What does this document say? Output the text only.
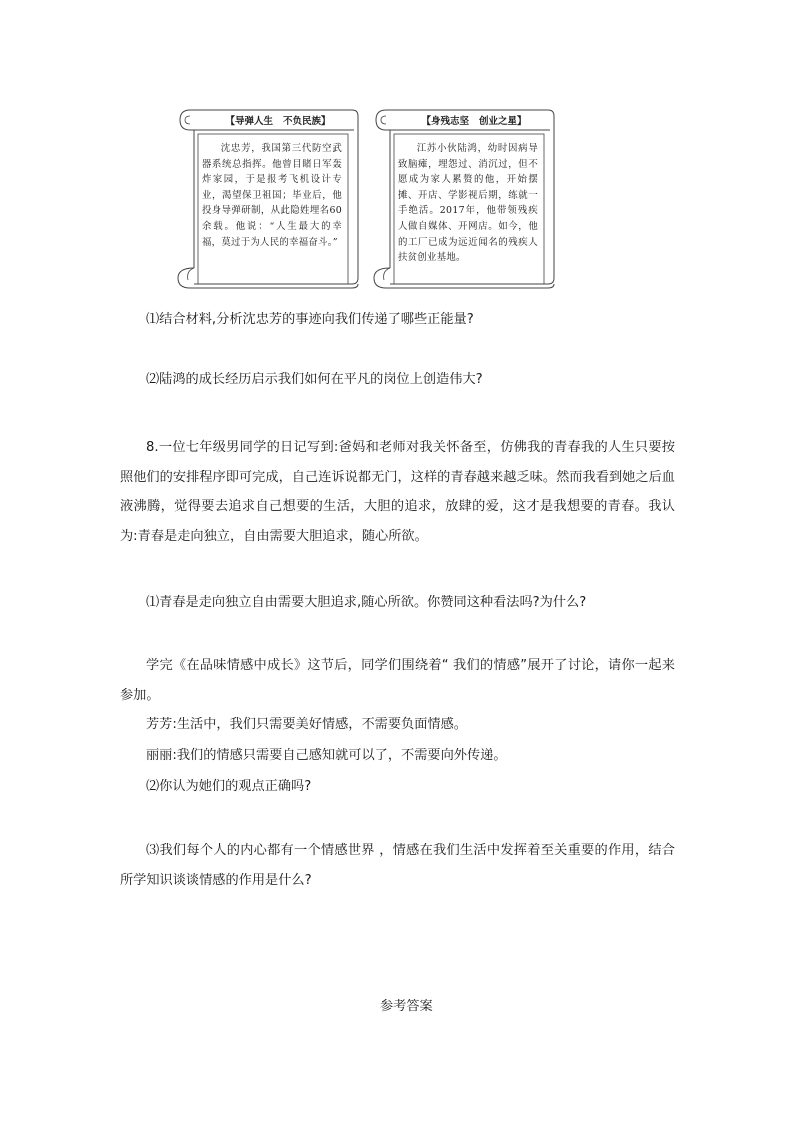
【导弹人生   不负民族】
沈忠芳，我国第三代防空武器系统总指挥。他曾目睹日军轰炸家园，于是报考飞机设计专业，渴望保卫祖国；毕业后，他投身导弹研制，从此隐姓埋名60余载。他说：“人生最大的幸福，莫过于为人民的幸福奋斗。”
【身残志坚   创业之星】
江苏小伙陆鸿，幼时因病导致脑瘫，埋怨过、消沉过，但不愿成为家人累赘的他，开始摆摊、开店、学影视后期，练就一手绝活。2017年，他带领残疾人做自媒体、开网店。如今，他的工厂已成为远近闻名的残疾人扶贫创业基地。
⑴结合材料,分析沈忠芳的事迹向我们传递了哪些正能量?
⑵陆鸿的成长经历启示我们如何在平凡的岗位上创造伟大?
8.一位七年级男同学的日记写到:爸妈和老师对我关怀备至，仿佛我的青春我的人生只要按照他们的安排程序即可完成，自己连诉说都无门，这样的青春越来越乏味。然而我看到她之后血液沸腾，觉得要去追求自己想要的生活，大胆的追求，放肆的爱，这才是我想要的青春。我认为:青春是走向独立，自由需要大胆追求，随心所欲。
⑴青春是走向独立自由需要大胆追求,随心所欲。你赞同这种看法吗?为什么?
学完《在品味情感中成长》这节后，同学们围绕着“ 我们的情感”展开了讨论，请你一起来参加。
芳芳:生活中，我们只需要美好情感，不需要负面情感。
丽丽:我们的情感只需要自己感知就可以了，不需要向外传递。
⑵你认为她们的观点正确吗?
⑶我们每个人的内心都有一个情感世界 ，情感在我们生活中发挥着至关重要的作用，结合所学知识谈谈情感的作用是什么?
参考答案
